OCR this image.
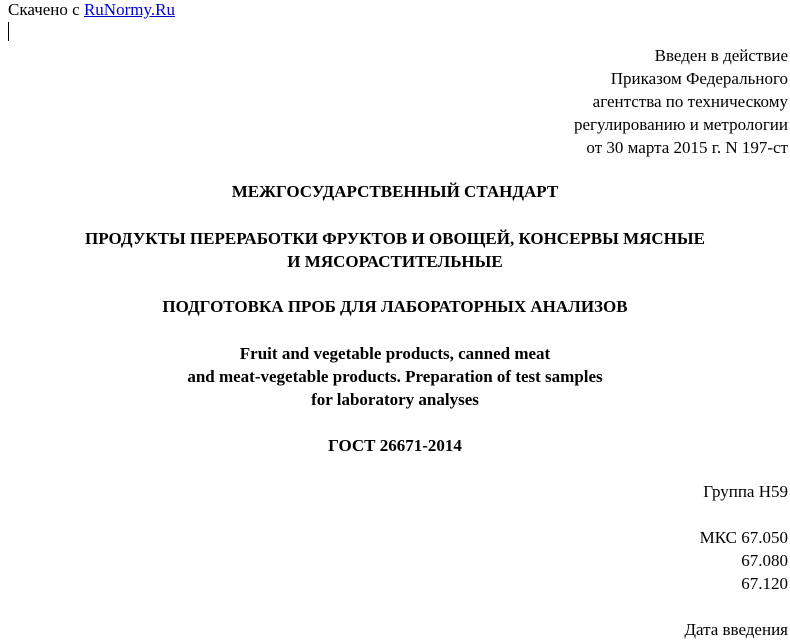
Скачено с RuNormy.Ru
Введен в действие
Приказом Федерального
агентства по техническому
регулированию и метрологии
от 30 марта 2015 г. N 197-ст
МЕЖГОСУДАРСТВЕННЫЙ СТАНДАРТ
ПРОДУКТЫ ПЕРЕРАБОТКИ ФРУКТОВ И ОВОЩЕЙ, КОНСЕРВЫ МЯСНЫЕ
И МЯСОРАСТИТЕЛЬНЫЕ
ПОДГОТОВКА ПРОБ ДЛЯ ЛАБОРАТОРНЫХ АНАЛИЗОВ
Fruit and vegetable products, canned meat
and meat-vegetable products. Preparation of test samples
for laboratory analyses
ГОСТ 26671-2014
Группа Н59
МКС 67.050
67.080
67.120
Дата введения
